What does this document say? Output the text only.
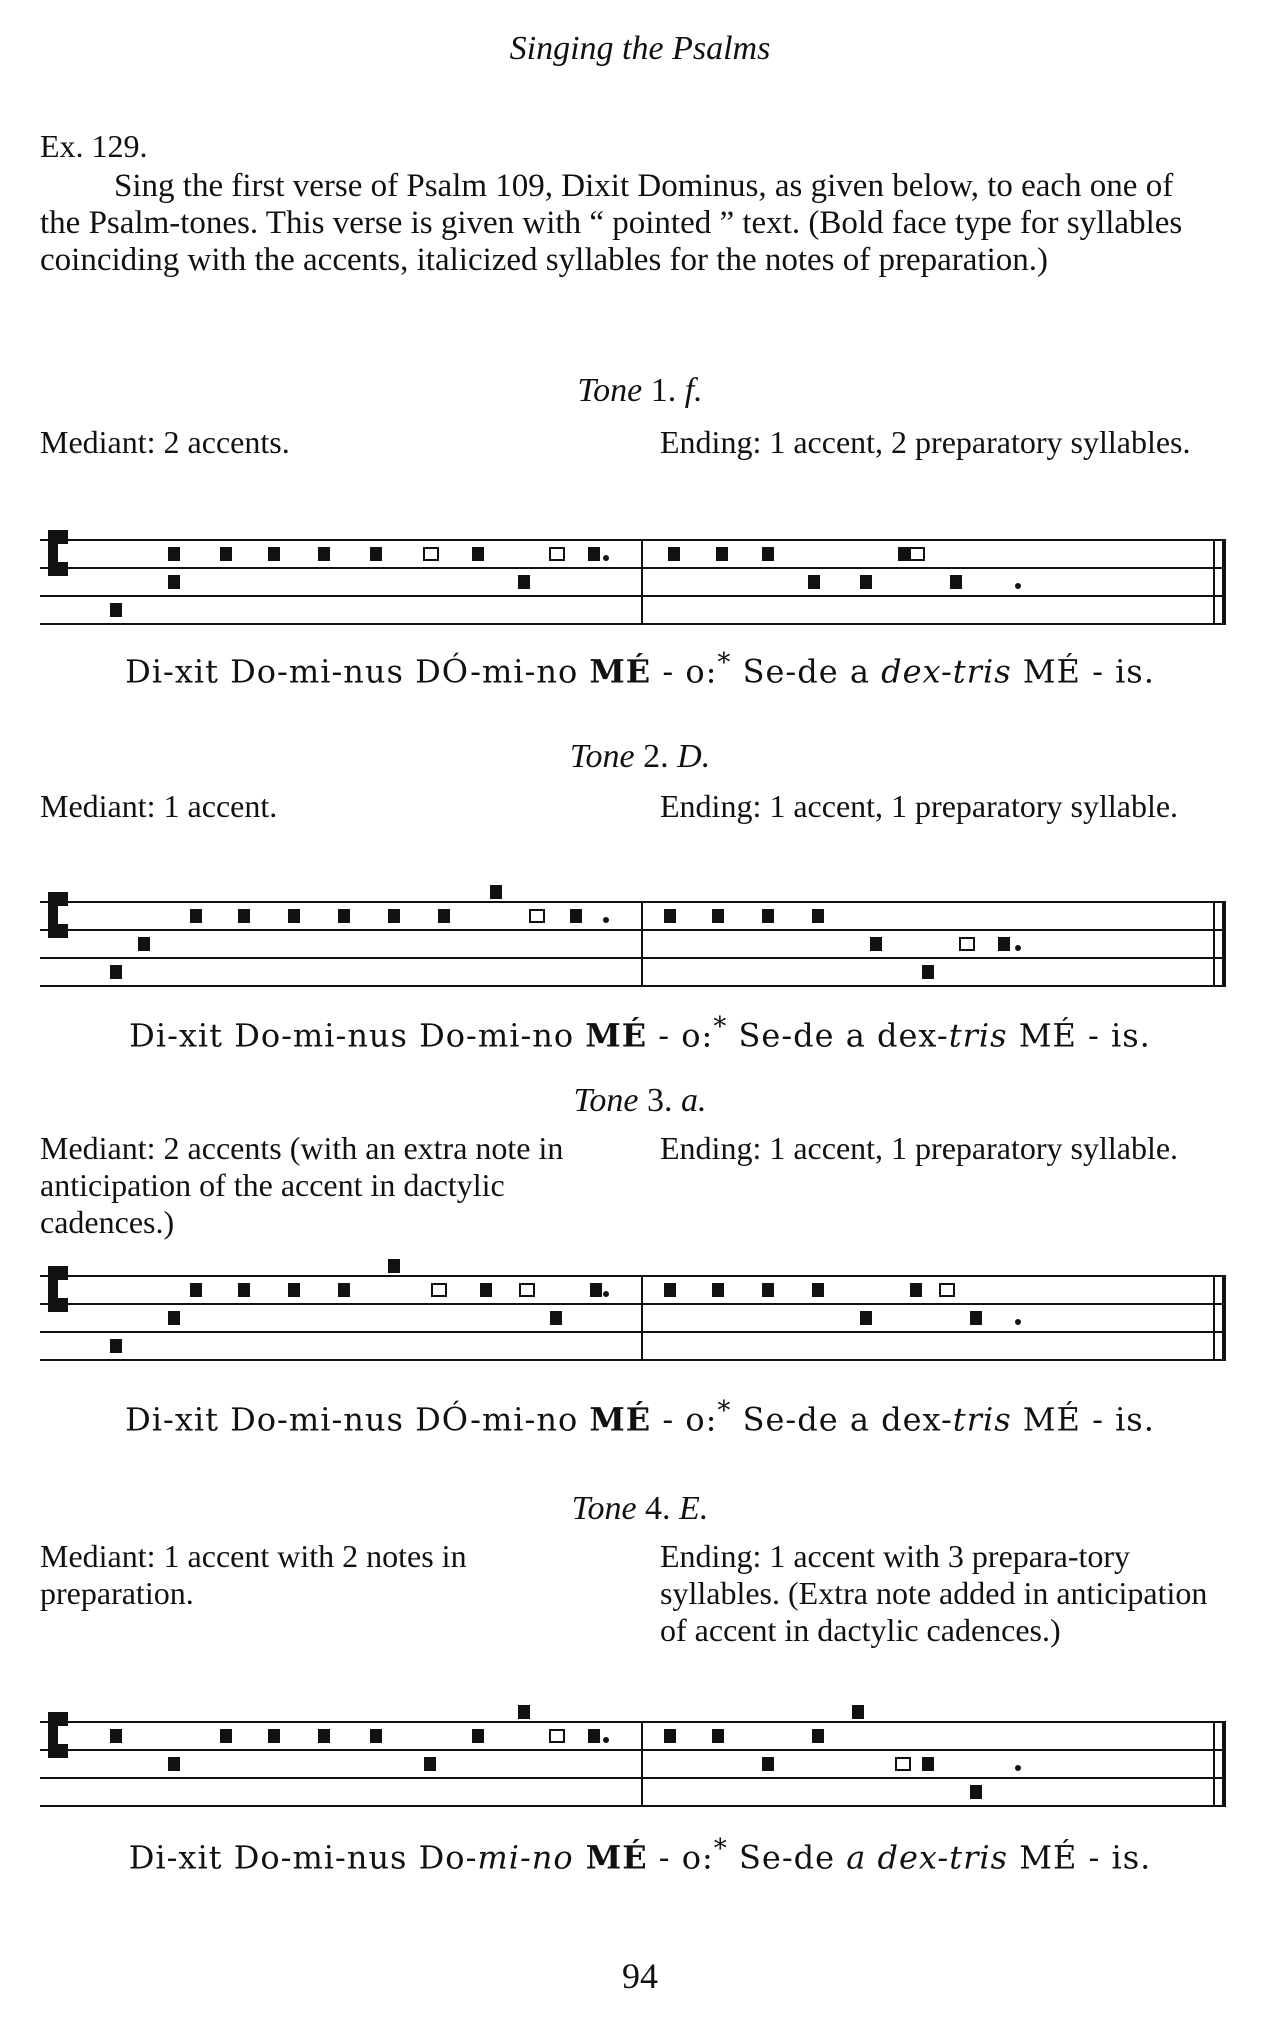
Singing the Psalms
Ex. 129.

Sing the first verse of Psalm 109, Dixit Dominus, as given below, to each one of the Psalm-tones. This verse is given with “ pointed ” text. (Bold face type for syllables coinciding with the accents, italicized syllables for the notes of preparation.)

Tone 1. f.
Mediant: 2 accents.	Ending: 1 accent, 2 preparatory syllables.
Di-xit Do-mi-nus DÓ-mi-no MÉ - o:* Se-de a dex-tris MÉ - is.
Tone 2. D.
Mediant: 1 accent.	Ending: 1 accent, 1 preparatory syllable.
Di-xit Do-mi-nus Do-mi-no MÉ - o:* Se-de a dex-tris MÉ - is.
Tone 3. a.
Mediant: 2 accents (with an extra note in anticipation of the accent in dactylic cadences.)
Ending: 1 accent, 1 preparatory syllable.
Di-xit Do-mi-nus DÓ-mi-no MÉ - o:* Se-de a dex-tris MÉ - is.
Tone 4. E.
Mediant: 1 accent with 2 notes in preparation.
Ending: 1 accent with 3 prepara-tory syllables. (Extra note added in anticipation of accent in dactylic cadences.)
Di-xit Do-mi-nus Do-mi-no MÉ - o:* Se-de a dex-tris MÉ - is.
94
